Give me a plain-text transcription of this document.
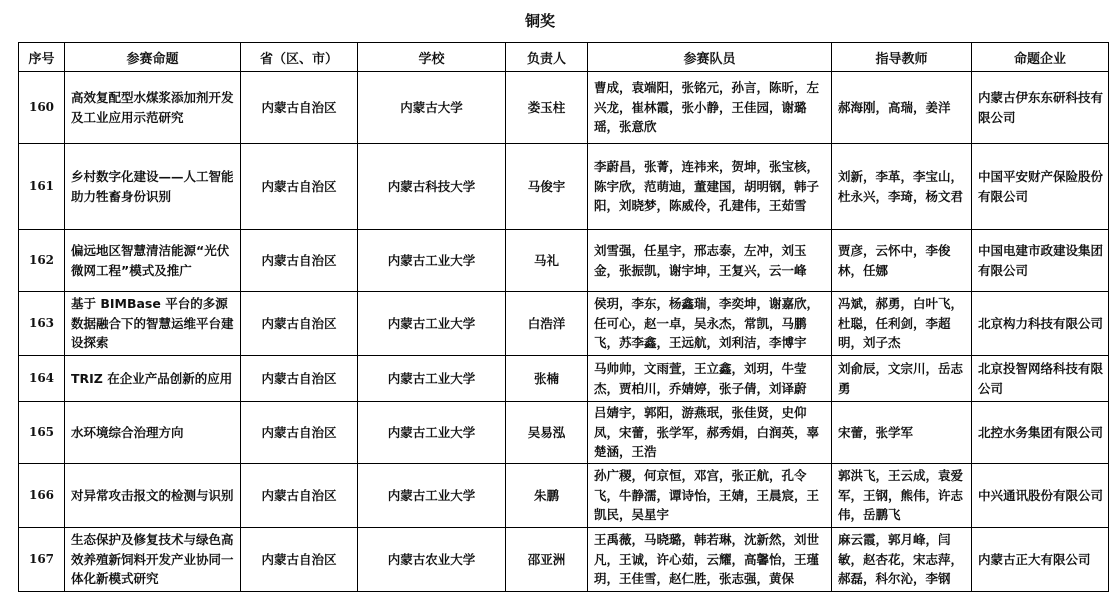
铜奖
序号	参赛命题	省（区、市）	学校	负责人	参赛队员	指导教师	命题企业
160	高效复配型水煤浆添加剂开发及工业应用示范研究	内蒙古自治区	内蒙古大学	娄玉柱	曹成，袁端阳，张铭元，孙言，陈昕，左兴龙，崔林霞，张小静，王佳园，谢璐瑶，张意欣	郝海刚，高瑞，姜洋	内蒙古伊东东研科技有限公司

161	乡村数字化建设——人工智能助力牲畜身份识别	内蒙古自治区	内蒙古科技大学	马俊宇	李蔚昌，张菁，连祎来，贺坤，张宝核，陈宇欣，范萌迪，董建国，胡明钢，韩子阳，刘晓梦，陈威伶，孔建伟，王茹雪	刘新，李革，李宝山，杜永兴，李琦，杨文君	中国平安财产保险股份有限公司

162	偏远地区智慧清洁能源“光伏微网工程”模式及推广	内蒙古自治区	内蒙古工业大学	马礼	刘雪强，任星宇，邢志泰，左冲，刘玉金，张振凯，谢宇坤，王复兴，云一峰	贾彦，云怀中，李俊林，任娜	中国电建市政建设集团有限公司

163	基于 BIMBase 平台的多源数据融合下的智慧运维平台建设探索	内蒙古自治区	内蒙古工业大学	白浩洋	侯玥，李东，杨鑫瑞，李奕坤，谢嘉欣，任可心，赵一卓，吴永杰，常凯，马鹏飞，苏李鑫，王远航，刘利洁，李博宇	冯斌，郝勇，白叶飞，杜聪，任利剑，李超明，刘子杰	北京构力科技有限公司

164	TRIZ 在企业产品创新的应用	内蒙古自治区	内蒙古工业大学	张楠	马帅帅，文雨萱，王立鑫，刘玥，牛莹杰，贾柏川，乔婧婷，张子倩，刘译蔚	刘俞辰，文宗川，岳志勇	北京投智网络科技有限公司

165	水环境综合治理方向	内蒙古自治区	内蒙古工业大学	吴易泓	吕婧宇，郭阳，游燕珉，张佳贤，史仰凤，宋蕾，张学军，郝秀娟，白润英，辜楚涵，王浩	宋蕾，张学军	北控水务集团有限公司

166	对异常攻击报文的检测与识别	内蒙古自治区	内蒙古工业大学	朱鹏	孙广稷，何京恒，邓宫，张正航，孔令飞，牛静濡，谭诗怡，王婧，王晨宸，王凯民，吴星宇	郭洪飞，王云成，袁爱军，王钢，熊伟，许志伟，岳鹏飞	中兴通讯股份有限公司

167	生态保护及修复技术与绿色高效养殖新饲料开发产业协同一体化新模式研究	内蒙古自治区	内蒙古农业大学	邵亚洲	王禹薇，马晓璐，韩若琳，沈新然，刘世凡，王诚，许心茹，云耀，高馨怡，王瑾玥，王佳雪，赵仁胜，张志强，黄保	麻云霞，郭月峰，闫敏，赵杏花，宋志萍，郝磊，科尔沁，李钢	内蒙古正大有限公司
